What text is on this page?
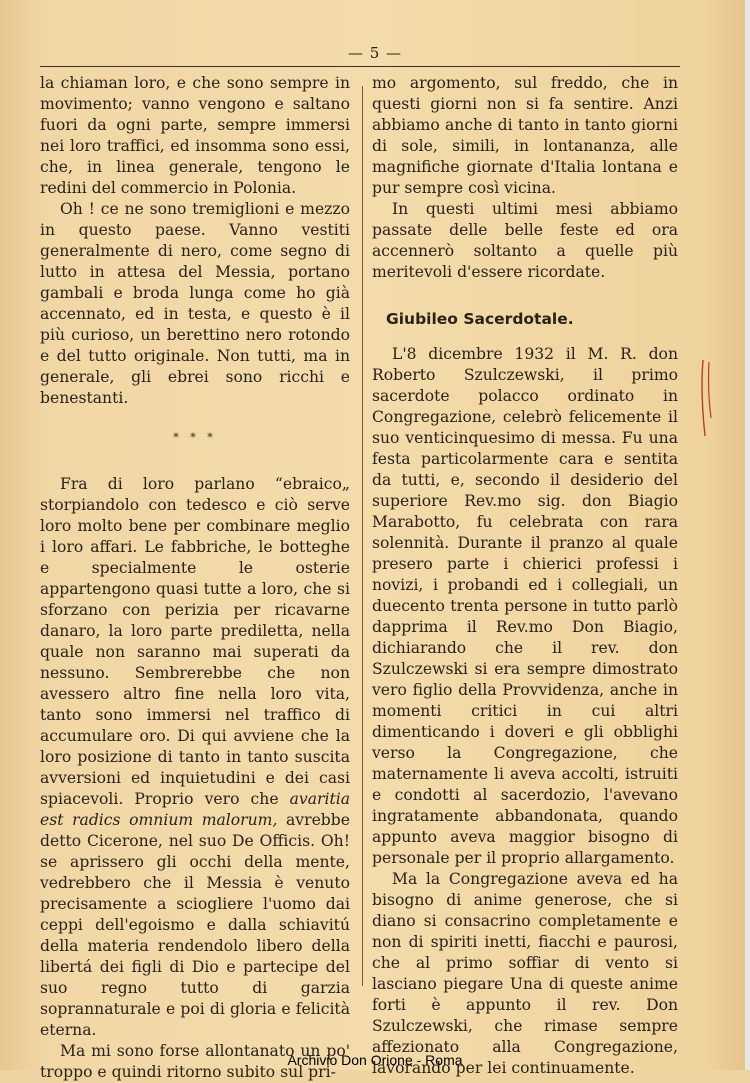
— 5 —

la chiaman loro, e che sono sempre in movimento; vanno vengono e saltano fuori da ogni parte, sempre immersi nei loro traffici, ed insomma sono essi, che, in linea generale, tengono le redini del commercio in Polonia.

Oh ! ce ne sono tremiglioni e mezzo in questo paese. Vanno vestiti generalmente di nero, come segno di lutto in attesa del Messia, portano gambali e broda lunga come ho già accennato, ed in testa, e questo è il più curioso, un berettino nero rotondo e del tutto originale. Non tutti, ma in generale, gli ebrei sono ricchi e benestanti.

* * *

Fra di loro parlano “ebraico„ storpiandolo con tedesco e ciò serve loro molto bene per combinare meglio i loro affari. Le fabbriche, le botteghe e specialmente le osterie appartengono quasi tutte a loro, che si sforzano con perizia per ricavarne danaro, la loro parte prediletta, nella quale non saranno mai superati da nessuno. Sembrerebbe che non avessero altro fine nella loro vita, tanto sono immersi nel traffico di accumulare oro. Di qui avviene che la loro posizione di tanto in tanto suscita avversioni ed inquietudini e dei casi spiacevoli. Proprio vero che avaritia est radics omnium malorum, avrebbe detto Cicerone, nel suo De Officis. Oh! se aprissero gli occhi della mente, vedrebbero che il Messia è venuto precisamente a sciogliere l'uomo dai ceppi dell'egoismo e dalla schiavitú della materia rendendolo libero della libertá dei figli di Dio e partecipe del suo regno tutto di garzia soprannaturale e poi di gloria e felicità eterna.

Ma mi sono forse allontanato un po' troppo e quindi ritorno subito sul pri-

mo argomento, sul freddo, che in questi giorni non si fa sentire. Anzi abbiamo anche di tanto in tanto giorni di sole, simili, in lontananza, alle magnifiche giornate d'Italia lontana e pur sempre così vicina.

In questi ultimi mesi abbiamo passate delle belle feste ed ora accennerò soltanto a quelle più meritevoli d'essere ricordate.

Giubileo Sacerdotale.

L'8 dicembre 1932 il M. R. don Roberto Szulczewski, il primo sacerdote polacco ordinato in Congregazione, celebrò felicemente il suo venticinquesimo di messa. Fu una festa particolarmente cara e sentita da tutti, e, secondo il desiderio del superiore Rev.mo sig. don Biagio Marabotto, fu celebrata con rara solennità. Durante il pranzo al quale presero parte i chierici professi i novizi, i probandi ed i collegiali, un duecento trenta persone in tutto parlò dapprima il Rev.mo Don Biagio, dichiarando che il rev. don Szulczewski si era sempre dimostrato vero figlio della Provvidenza, anche in momenti critici in cui altri dimenticando i doveri e gli obblighi verso la Congregazione, che maternamente li aveva accolti, istruiti e condotti al sacerdozio, l'avevano ingratamente abbandonata, quando appunto aveva maggior bisogno di personale per il proprio allargamento.

Ma la Congregazione aveva ed ha bisogno di anime generose, che si diano si consacrino completamente e non di spiriti inetti, fiacchi e paurosi, che al primo soffiar di vento si lasciano piegare Una di queste anime forti è appunto il rev. Don Szulczewski, che rimase sempre affezionato alla Congregazione, lavorando per lei continuamente.

Archivio Don Orione - Roma
